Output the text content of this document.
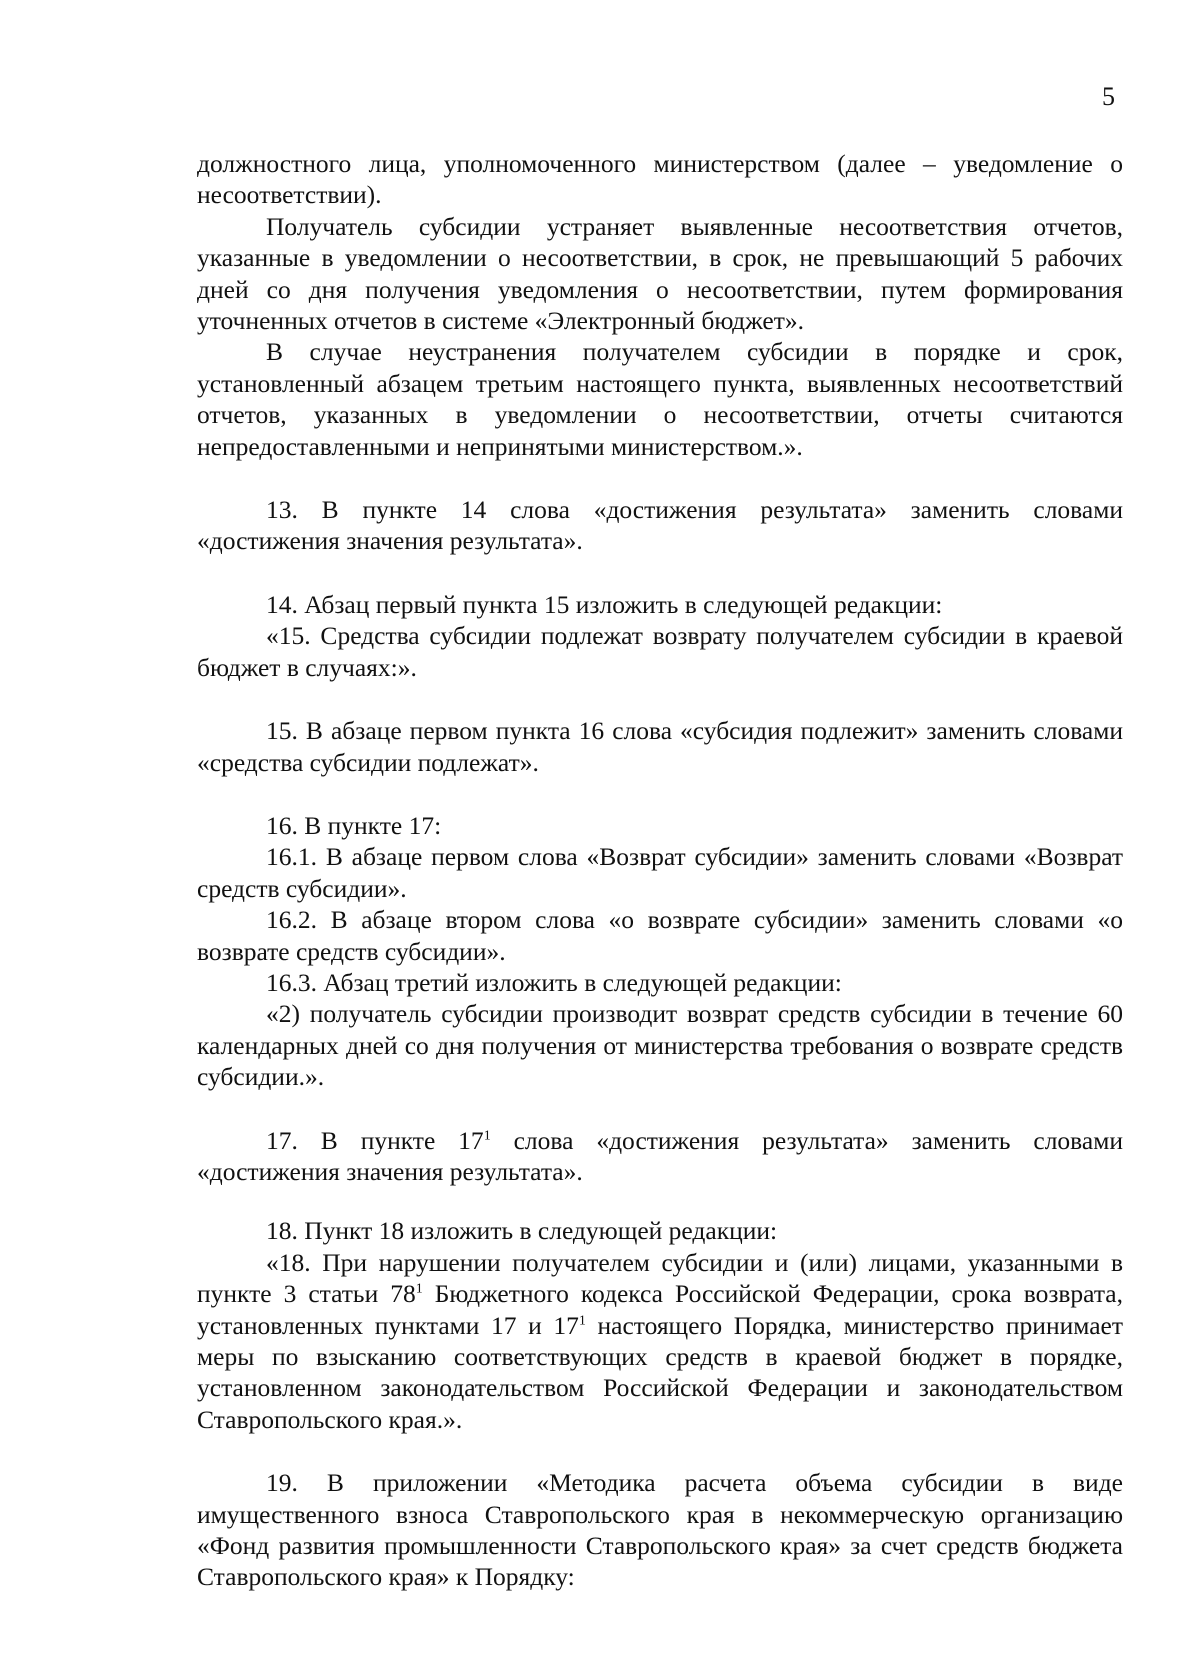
5

должностного лица, уполномоченного министерством (далее – уведомление о несоответствии).

Получатель субсидии устраняет выявленные несоответствия отчетов, указанные в уведомлении о несоответствии, в срок, не превышающий 5 рабочих дней со дня получения уведомления о несоответствии, путем формирования уточненных отчетов в системе «Электронный бюджет».

В случае неустранения получателем субсидии в порядке и срок, установленный абзацем третьим настоящего пункта, выявленных несоответствий отчетов, указанных в уведомлении о несоответствии, отчеты считаются непредоставленными и непринятыми министерством.».

13. В пункте 14 слова «достижения результата» заменить словами «достижения значения результата».

14. Абзац первый пункта 15 изложить в следующей редакции:

«15. Средства субсидии подлежат возврату получателем субсидии в краевой бюджет в случаях:».

15. В абзаце первом пункта 16 слова «субсидия подлежит» заменить словами «средства субсидии подлежат».

16. В пункте 17:

16.1. В абзаце первом слова «Возврат субсидии» заменить словами «Возврат средств субсидии».

16.2. В абзаце втором слова «о возврате субсидии» заменить словами «о возврате средств субсидии».

16.3. Абзац третий изложить в следующей редакции:

«2) получатель субсидии производит возврат средств субсидии в течение 60 календарных дней со дня получения от министерства требования о возврате средств субсидии.».

17. В пункте $17^1$ слова «достижения результата» заменить словами «достижения значения результата».

18. Пункт 18 изложить в следующей редакции:

«18. При нарушении получателем субсидии и (или) лицами, указанными в пункте 3 статьи $78^1$ Бюджетного кодекса Российской Федерации, срока возврата, установленных пунктами 17 и $17^1$ настоящего Порядка, министерство принимает меры по взысканию соответствующих средств в краевой бюджет в порядке, установленном законодательством Российской Федерации и законодательством Ставропольского края.».

19. В приложении «Методика расчета объема субсидии в виде имущественного взноса Ставропольского края в некоммерческую организацию «Фонд развития промышленности Ставропольского края» за счет средств бюджета Ставропольского края» к Порядку:
